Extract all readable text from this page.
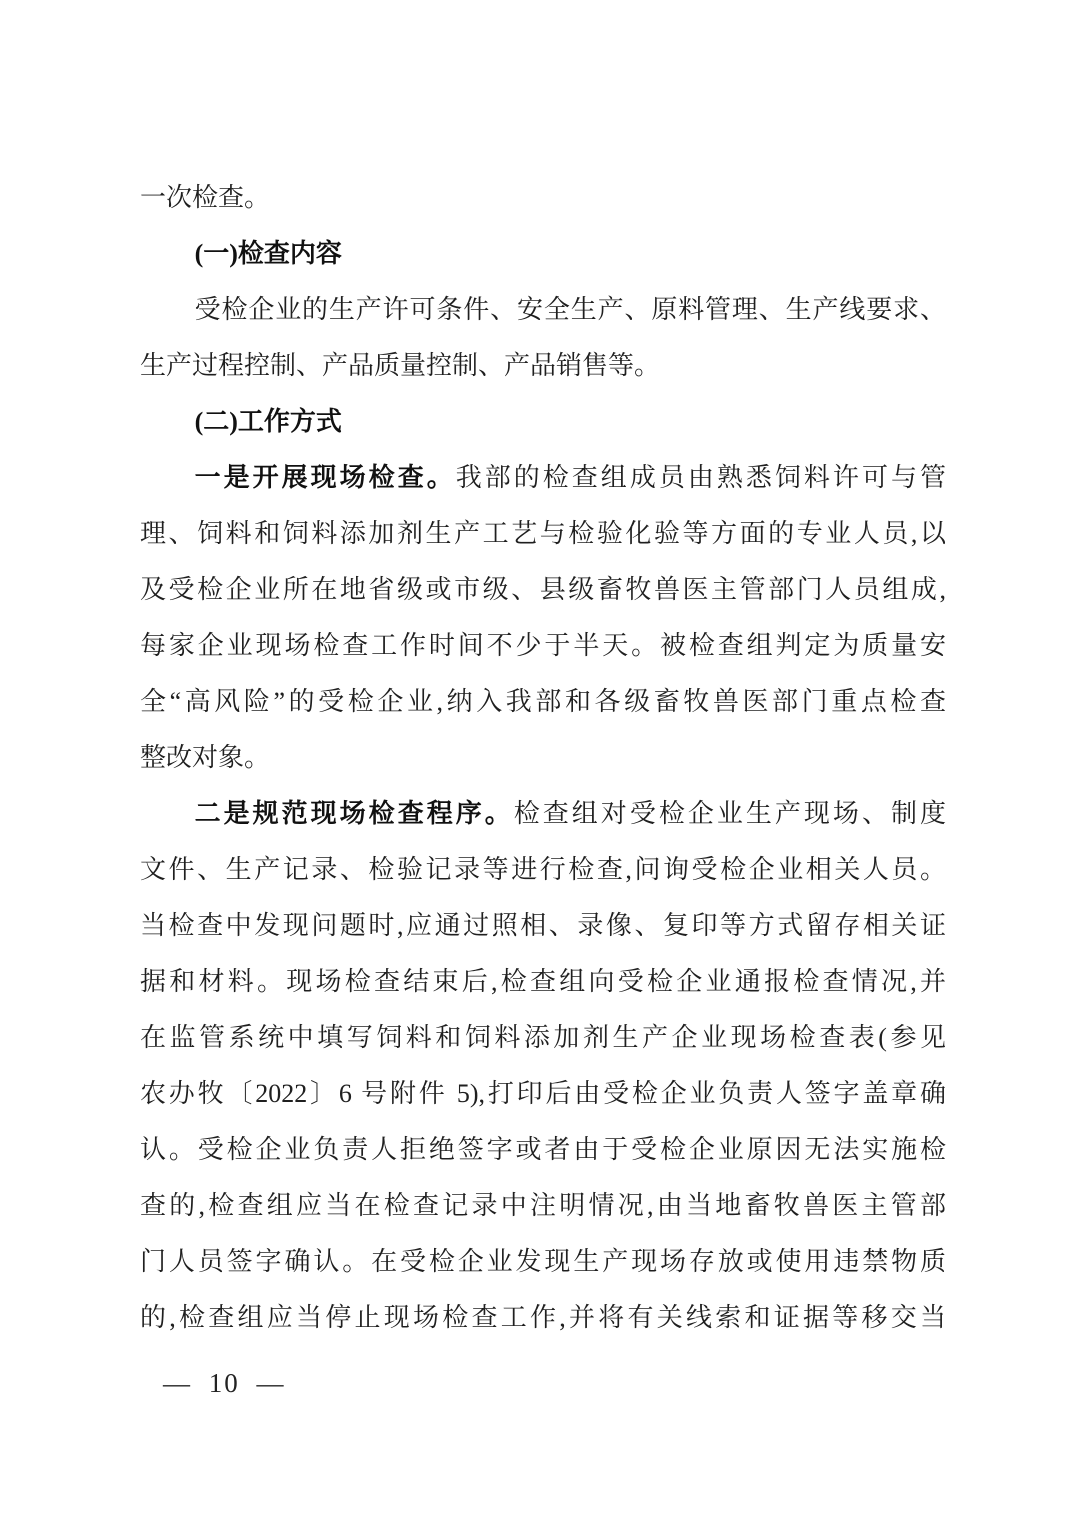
一次检查。
(一)检查内容
受检企业的生产许可条件、安全生产、原料管理、生产线要求、
生产过程控制、产品质量控制、产品销售等。
(二)工作方式
一是开展现场检查。我部的检查组成员由熟悉饲料许可与管
理、饲料和饲料添加剂生产工艺与检验化验等方面的专业人员,以
及受检企业所在地省级或市级、县级畜牧兽医主管部门人员组成,
每家企业现场检查工作时间不少于半天。被检查组判定为质量安
全“高风险”的受检企业,纳入我部和各级畜牧兽医部门重点检查
整改对象。
二是规范现场检查程序。检查组对受检企业生产现场、制度
文件、生产记录、检验记录等进行检查,问询受检企业相关人员。
当检查中发现问题时,应通过照相、录像、复印等方式留存相关证
据和材料。现场检查结束后,检查组向受检企业通报检查情况,并
在监管系统中填写饲料和饲料添加剂生产企业现场检查表(参见
农办牧〔2022〕6 号附件 5),打印后由受检企业负责人签字盖章确
认。受检企业负责人拒绝签字或者由于受检企业原因无法实施检
查的,检查组应当在检查记录中注明情况,由当地畜牧兽医主管部
门人员签字确认。在受检企业发现生产现场存放或使用违禁物质
的,检查组应当停止现场检查工作,并将有关线索和证据等移交当
— 10 —
